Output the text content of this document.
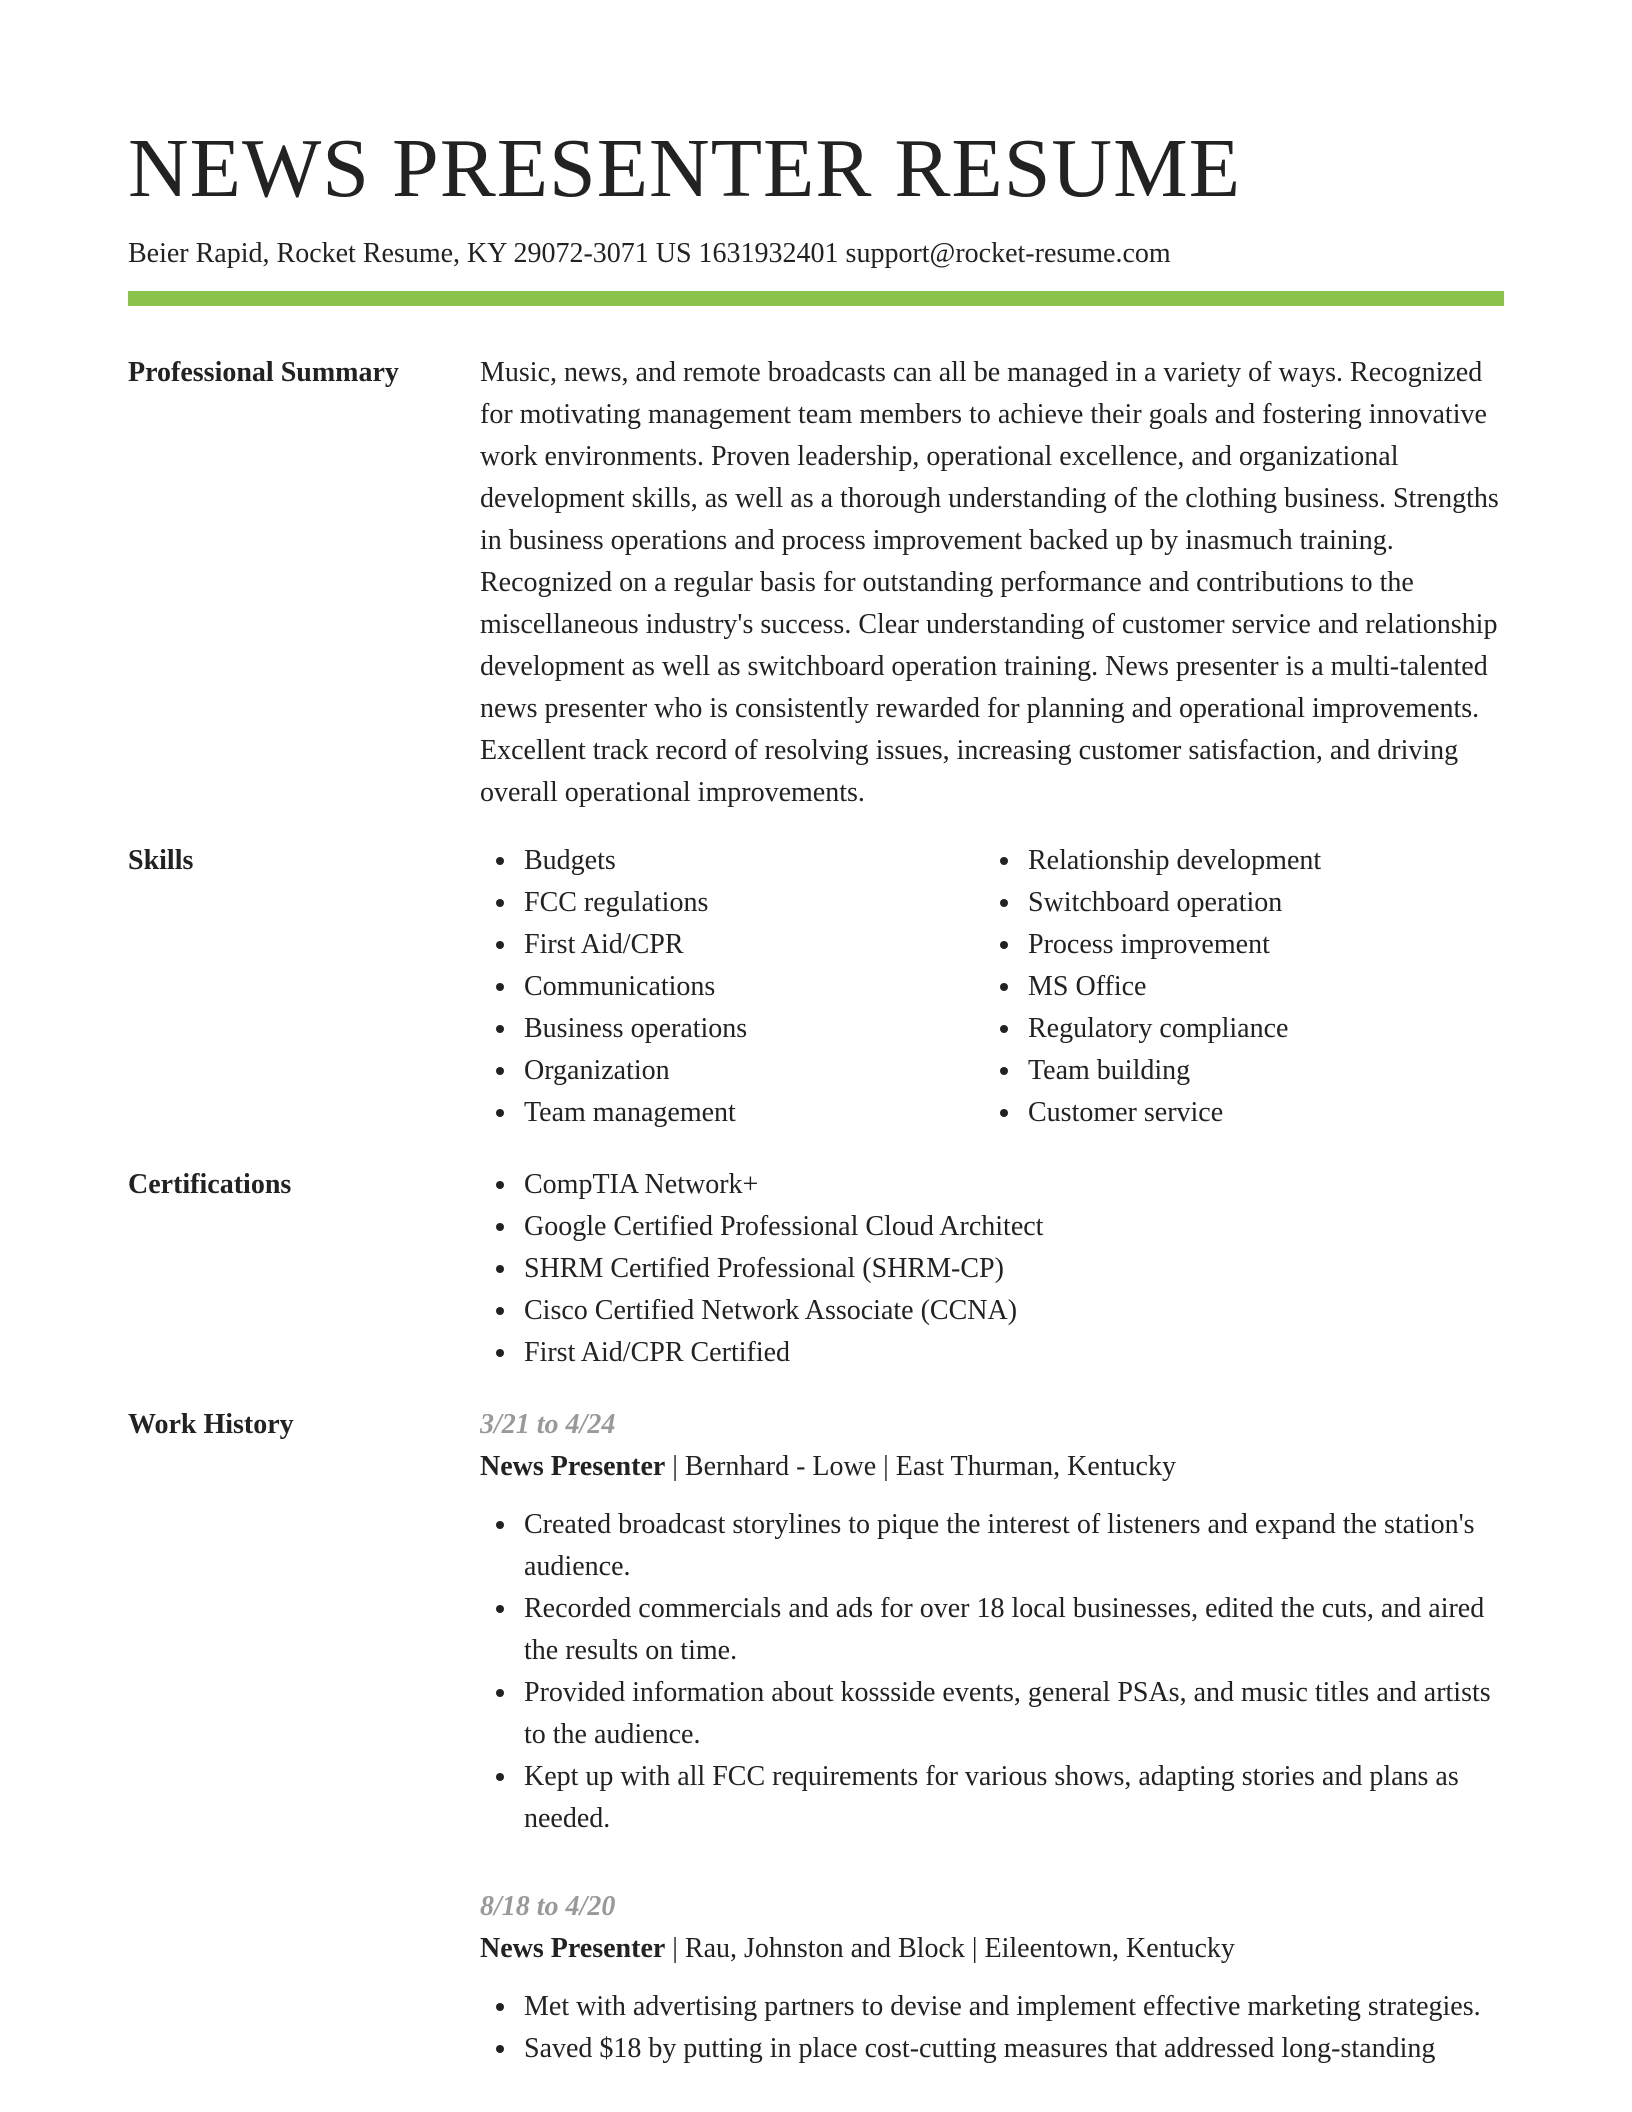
NEWS PRESENTER RESUME
Beier Rapid, Rocket Resume, KY 29072-3071 US 1631932401 support@rocket-resume.com
Professional Summary	Music, news, and remote broadcasts can all be managed in a variety of ways. Recognized for motivating management team members to achieve their goals and fostering innovative work environments. Proven leadership, operational excellence, and organizational development skills, as well as a thorough understanding of the clothing business. Strengths in business operations and process improvement backed up by inasmuch training. Recognized on a regular basis for outstanding performance and contributions to the miscellaneous industry's success. Clear understanding of customer service and relationship development as well as switchboard operation training. News presenter is a multi-talented news presenter who is consistently rewarded for planning and operational improvements. Excellent track record of resolving issues, increasing customer satisfaction, and driving overall operational improvements.
Skills	Budgets
FCC regulations
First Aid/CPR
Communications
Business operations
Organization
Team management
Relationship development
Switchboard operation
Process improvement
MS Office
Regulatory compliance
Team building
Customer service
Certifications	CompTIA Network+
Google Certified Professional Cloud Architect
SHRM Certified Professional (SHRM-CP)
Cisco Certified Network Associate (CCNA)
First Aid/CPR Certified
Work History	3/21 to 4/24
News Presenter | Bernhard - Lowe | East Thurman, Kentucky
Created broadcast storylines to pique the interest of listeners and expand the station's audience.
Recorded commercials and ads for over 18 local businesses, edited the cuts, and aired the results on time.
Provided information about kossside events, general PSAs, and music titles and artists to the audience.
Kept up with all FCC requirements for various shows, adapting stories and plans as needed.
8/18 to 4/20
News Presenter | Rau, Johnston and Block | Eileentown, Kentucky
Met with advertising partners to devise and implement effective marketing strategies.
Saved $18 by putting in place cost-cutting measures that addressed long-standing
